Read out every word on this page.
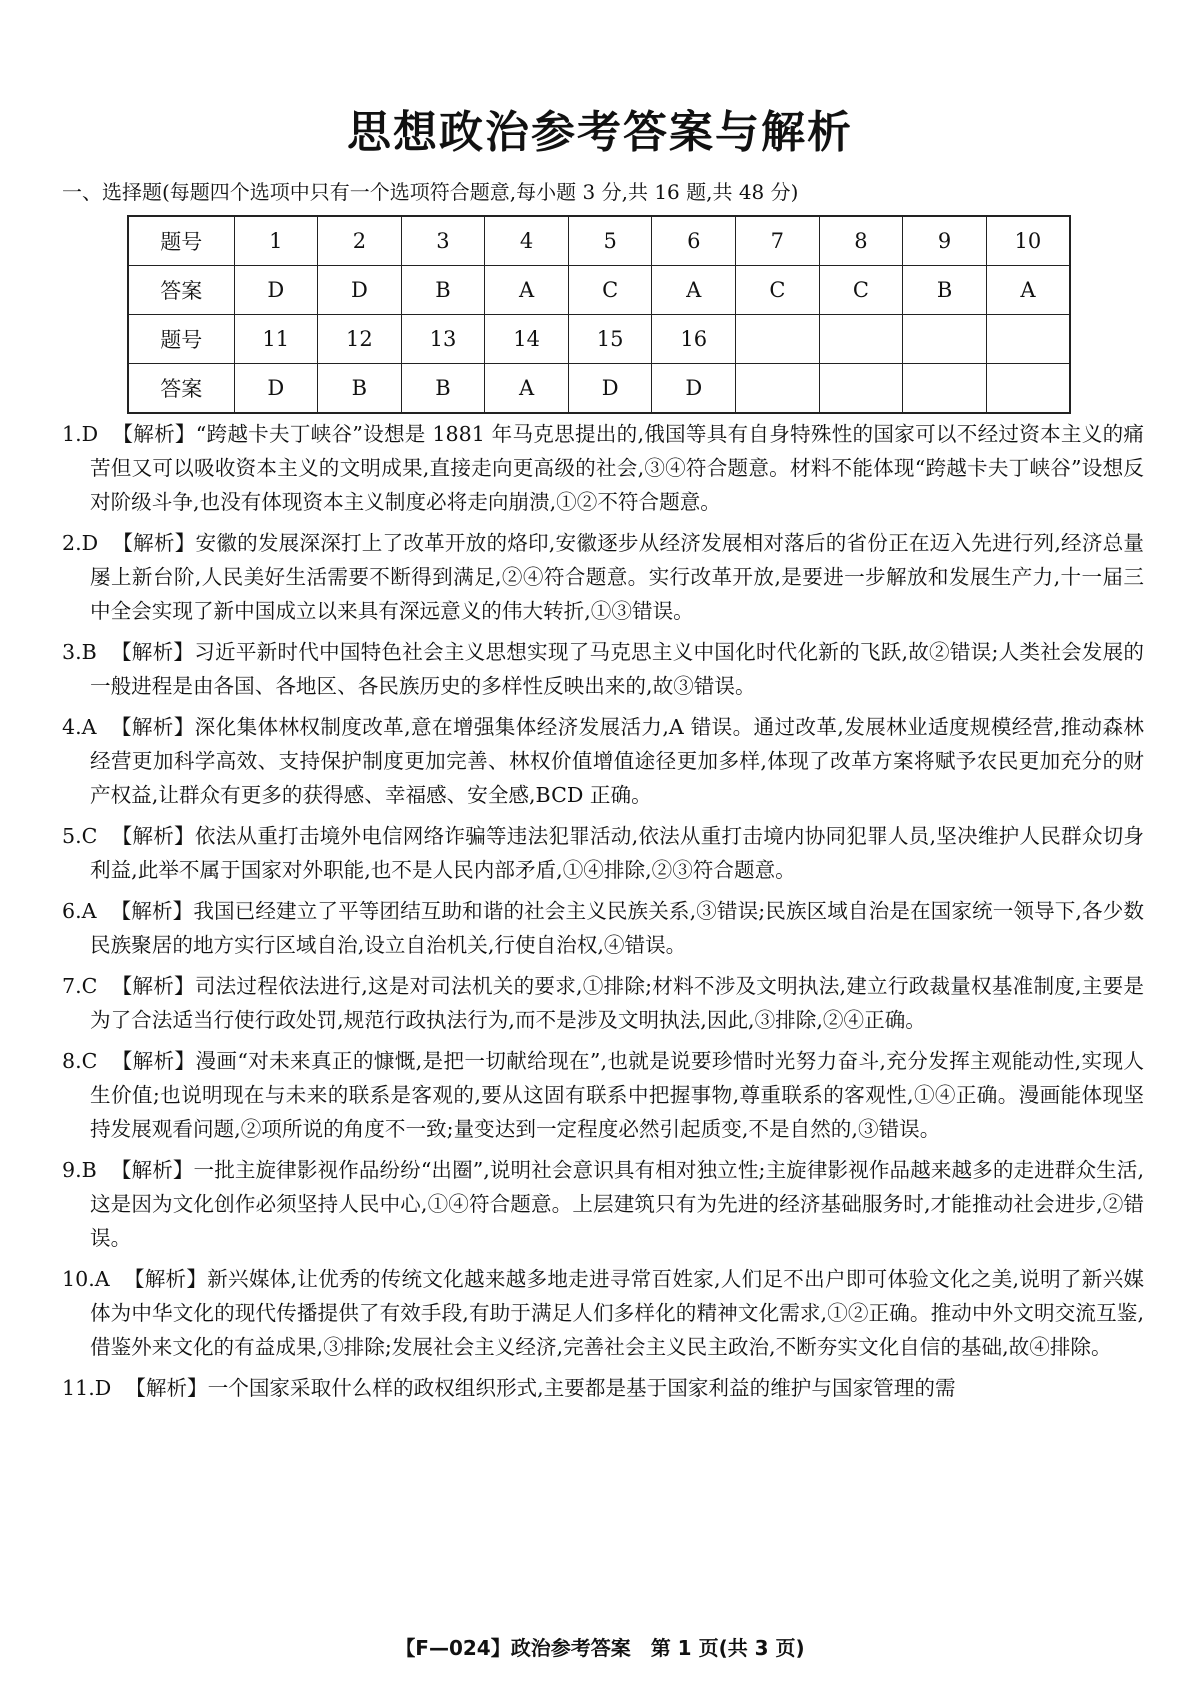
思想政治参考答案与解析
一、选择题(每题四个选项中只有一个选项符合题意,每小题 3 分,共 16 题,共 48 分)
题号	1	2	3	4	5	6	7	8	9	10
答案	D	D	B	A	C	A	C	C	B	A
题号	11	12	13	14	15	16				
答案	D	B	B	A	D	D				
1.D 【解析】“跨越卡夫丁峡谷”设想是 1881 年马克思提出的,俄国等具有自身特殊性的国家可以不经过资本主义的痛苦但又可以吸收资本主义的文明成果,直接走向更高级的社会,③④符合题意。材料不能体现“跨越卡夫丁峡谷”设想反对阶级斗争,也没有体现资本主义制度必将走向崩溃,①②不符合题意。
2.D 【解析】安徽的发展深深打上了改革开放的烙印,安徽逐步从经济发展相对落后的省份正在迈入先进行列,经济总量屡上新台阶,人民美好生活需要不断得到满足,②④符合题意。实行改革开放,是要进一步解放和发展生产力,十一届三中全会实现了新中国成立以来具有深远意义的伟大转折,①③错误。
3.B 【解析】习近平新时代中国特色社会主义思想实现了马克思主义中国化时代化新的飞跃,故②错误;人类社会发展的一般进程是由各国、各地区、各民族历史的多样性反映出来的,故③错误。
4.A 【解析】深化集体林权制度改革,意在增强集体经济发展活力,A 错误。通过改革,发展林业适度规模经营,推动森林经营更加科学高效、支持保护制度更加完善、林权价值增值途径更加多样,体现了改革方案将赋予农民更加充分的财产权益,让群众有更多的获得感、幸福感、安全感,BCD 正确。
5.C 【解析】依法从重打击境外电信网络诈骗等违法犯罪活动,依法从重打击境内协同犯罪人员,坚决维护人民群众切身利益,此举不属于国家对外职能,也不是人民内部矛盾,①④排除,②③符合题意。
6.A 【解析】我国已经建立了平等团结互助和谐的社会主义民族关系,③错误;民族区域自治是在国家统一领导下,各少数民族聚居的地方实行区域自治,设立自治机关,行使自治权,④错误。
7.C 【解析】司法过程依法进行,这是对司法机关的要求,①排除;材料不涉及文明执法,建立行政裁量权基准制度,主要是为了合法适当行使行政处罚,规范行政执法行为,而不是涉及文明执法,因此,③排除,②④正确。
8.C 【解析】漫画“对未来真正的慷慨,是把一切献给现在”,也就是说要珍惜时光努力奋斗,充分发挥主观能动性,实现人生价值;也说明现在与未来的联系是客观的,要从这固有联系中把握事物,尊重联系的客观性,①④正确。漫画能体现坚持发展观看问题,②项所说的角度不一致;量变达到一定程度必然引起质变,不是自然的,③错误。
9.B 【解析】一批主旋律影视作品纷纷“出圈”,说明社会意识具有相对独立性;主旋律影视作品越来越多的走进群众生活,这是因为文化创作必须坚持人民中心,①④符合题意。上层建筑只有为先进的经济基础服务时,才能推动社会进步,②错误。
10.A 【解析】新兴媒体,让优秀的传统文化越来越多地走进寻常百姓家,人们足不出户即可体验文化之美,说明了新兴媒体为中华文化的现代传播提供了有效手段,有助于满足人们多样化的精神文化需求,①②正确。推动中外文明交流互鉴,借鉴外来文化的有益成果,③排除;发展社会主义经济,完善社会主义民主政治,不断夯实文化自信的基础,故④排除。
11.D 【解析】一个国家采取什么样的政权组织形式,主要都是基于国家利益的维护与国家管理的需
【F—024】政治参考答案　第 1 页(共 3 页)
